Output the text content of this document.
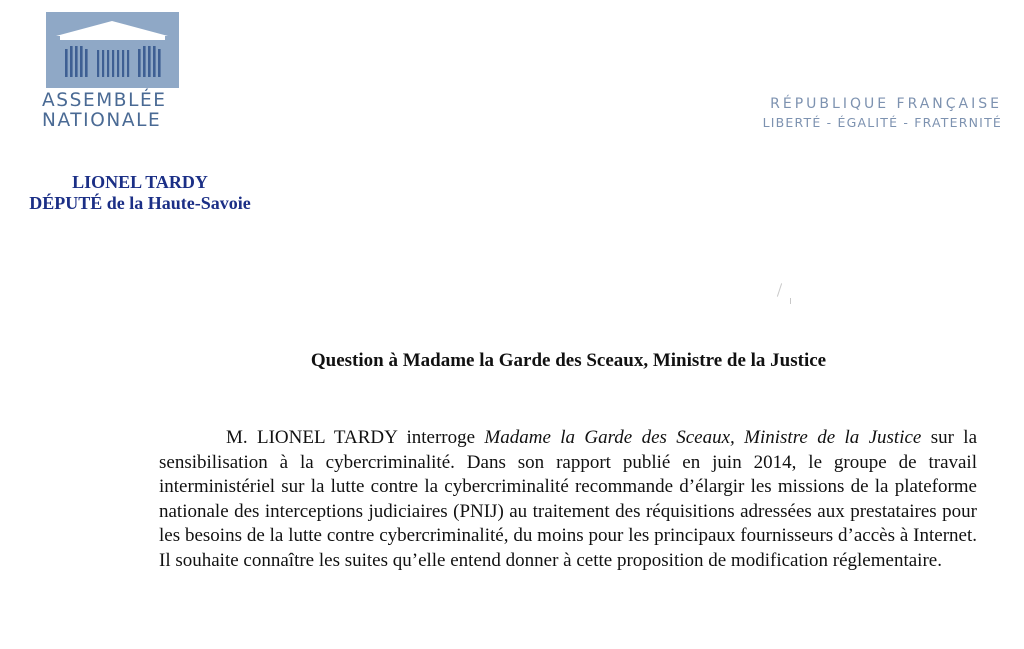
ASSEMBLÉE
NATIONALE
RÉPUBLIQUE FRANÇAISE
LIBERTÉ - ÉGALITÉ - FRATERNITÉ
LIONEL TARDY
DÉPUTÉ de la Haute-Savoie
Question à Madame la Garde des Sceaux, Ministre de la Justice
M. LIONEL TARDY interroge Madame la Garde des Sceaux, Ministre de la Justice sur la sensibilisation à la cybercriminalité. Dans son rapport publié en juin 2014, le groupe de travail interministériel sur la lutte contre la cybercriminalité recommande d’élargir les missions de la plateforme nationale des interceptions judiciaires (PNIJ) au traitement des réquisitions adressées aux prestataires pour les besoins de la lutte contre cybercriminalité, du moins pour les principaux fournisseurs d’accès à Internet. Il souhaite connaître les suites qu’elle entend donner à cette proposition de modification réglementaire.
